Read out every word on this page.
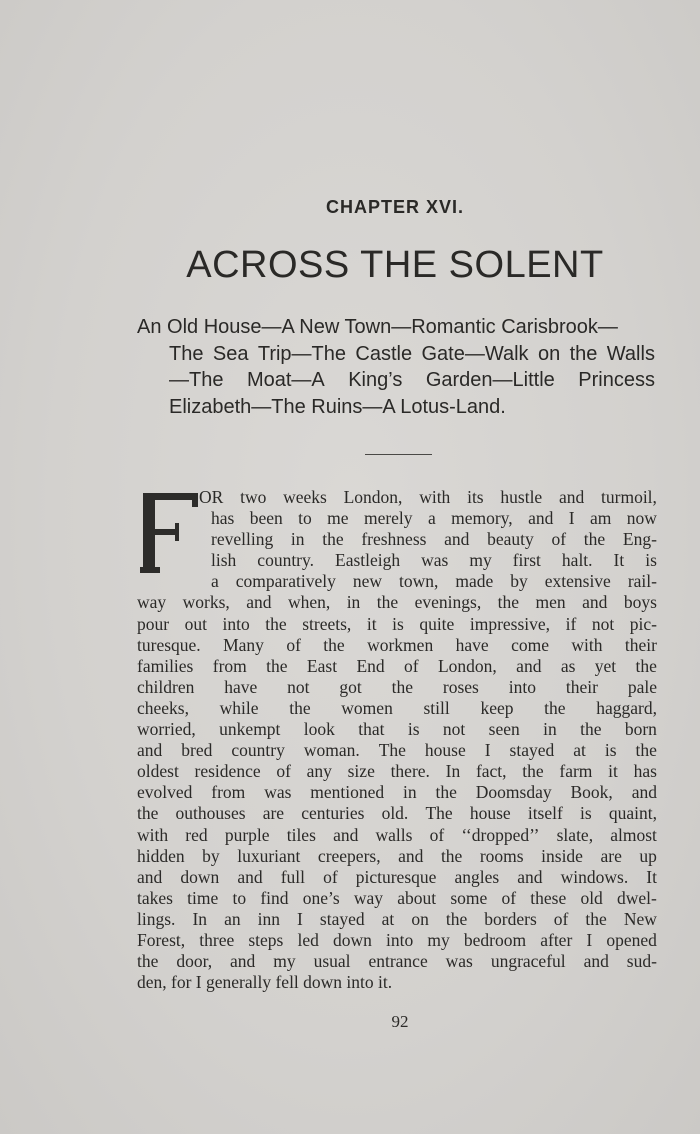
CHAPTER XVI.
ACROSS THE SOLENT
An Old House—A New Town—Romantic Carisbrook—
The Sea Trip—The Castle Gate—Walk on the Walls
—The Moat—A King’s Garden—Little Princess
Elizabeth—The Ruins—A Lotus-Land.
F
OR two weeks London, with its hustle and turmoil,
has been to me merely a memory, and I am now
revelling in the freshness and beauty of the Eng-
lish country. Eastleigh was my first halt. It is
a comparatively new town, made by extensive rail-
way works, and when, in the evenings, the men and boys
pour out into the streets, it is quite impressive, if not pic-
turesque. Many of the workmen have come with their
families from the East End of London, and as yet the
children have not got the roses into their pale
cheeks, while the women still keep the haggard,
worried, unkempt look that is not seen in the born
and bred country woman. The house I stayed at is the
oldest residence of any size there. In fact, the farm it has
evolved from was mentioned in the Doomsday Book, and
the outhouses are centuries old. The house itself is quaint,
with red purple tiles and walls of ‘‘dropped’’ slate, almost
hidden by luxuriant creepers, and the rooms inside are up
and down and full of picturesque angles and windows. It
takes time to find one’s way about some of these old dwel-
lings. In an inn I stayed at on the borders of the New
Forest, three steps led down into my bedroom after I opened
the door, and my usual entrance was ungraceful and sud-
den, for I generally fell down into it.
92
